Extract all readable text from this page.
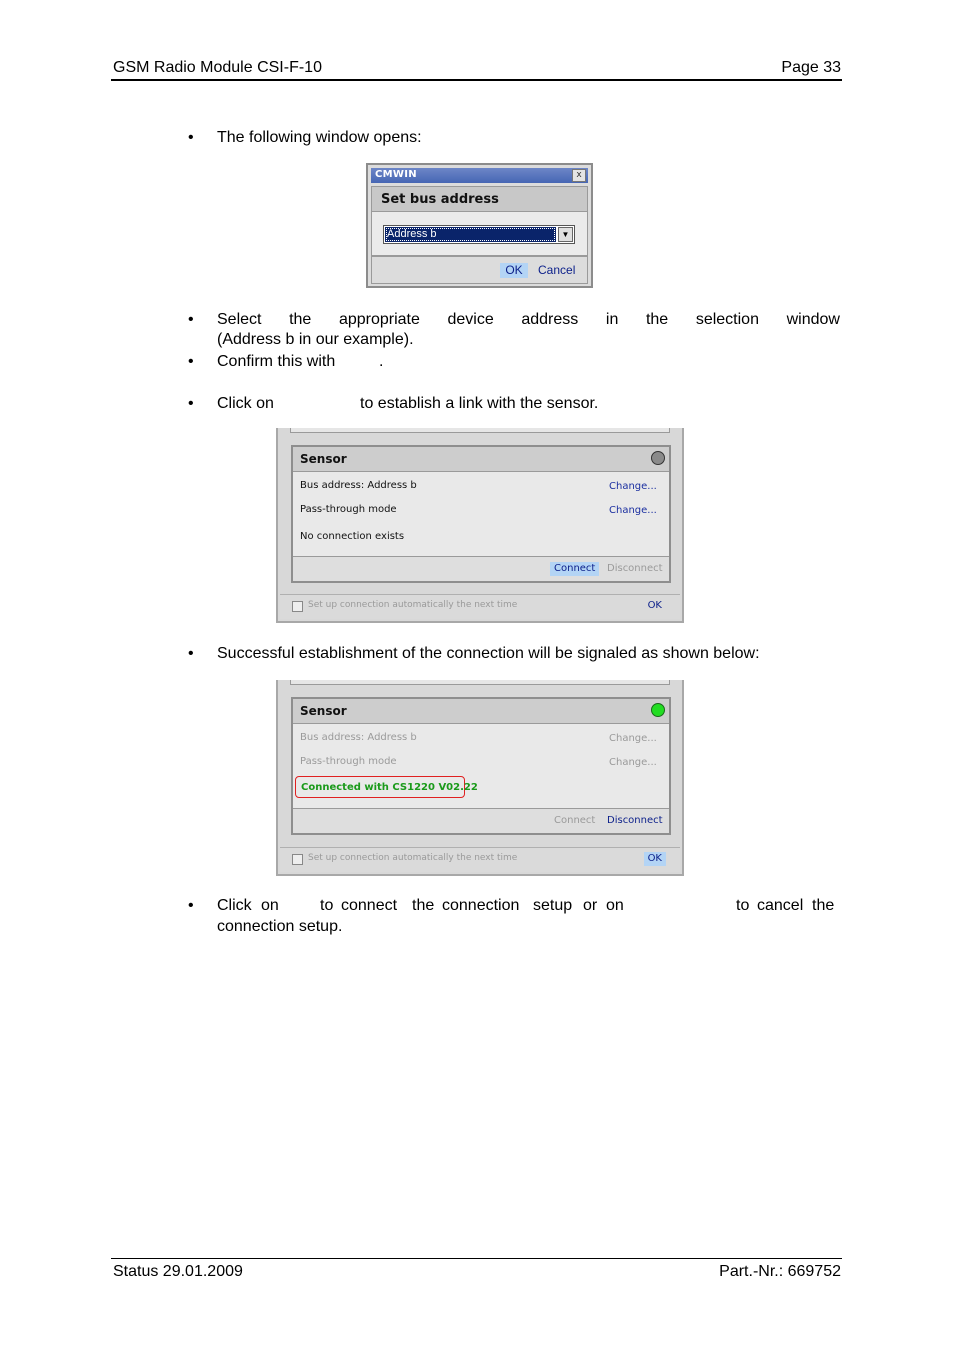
GSM Radio Module CSI-F-10	Page 33
• The following window opens:
CMWIN	x
Set bus address
Address b	▼
OK	Cancel
• Select the appropriate device address in the selection window
(Address b in our example).
• Confirm this with	.
• Click on	to establish a link with the sensor.
Sensor
Bus address: Address b	Change...
Pass-through mode	Change...
No connection exists
Connect	Disconnect
Set up connection automatically the next time	OK
• Successful establishment of the connection will be signaled as shown below:
Sensor
Bus address: Address b	Change...
Pass-through mode	Change...
Connected with CS1220 V02.22
Connect	Disconnect
Set up connection automatically the next time	OK
• Click on	to connect the connection setup or on	to cancel the
connection setup.
Status 29.01.2009	Part.-Nr.: 669752
